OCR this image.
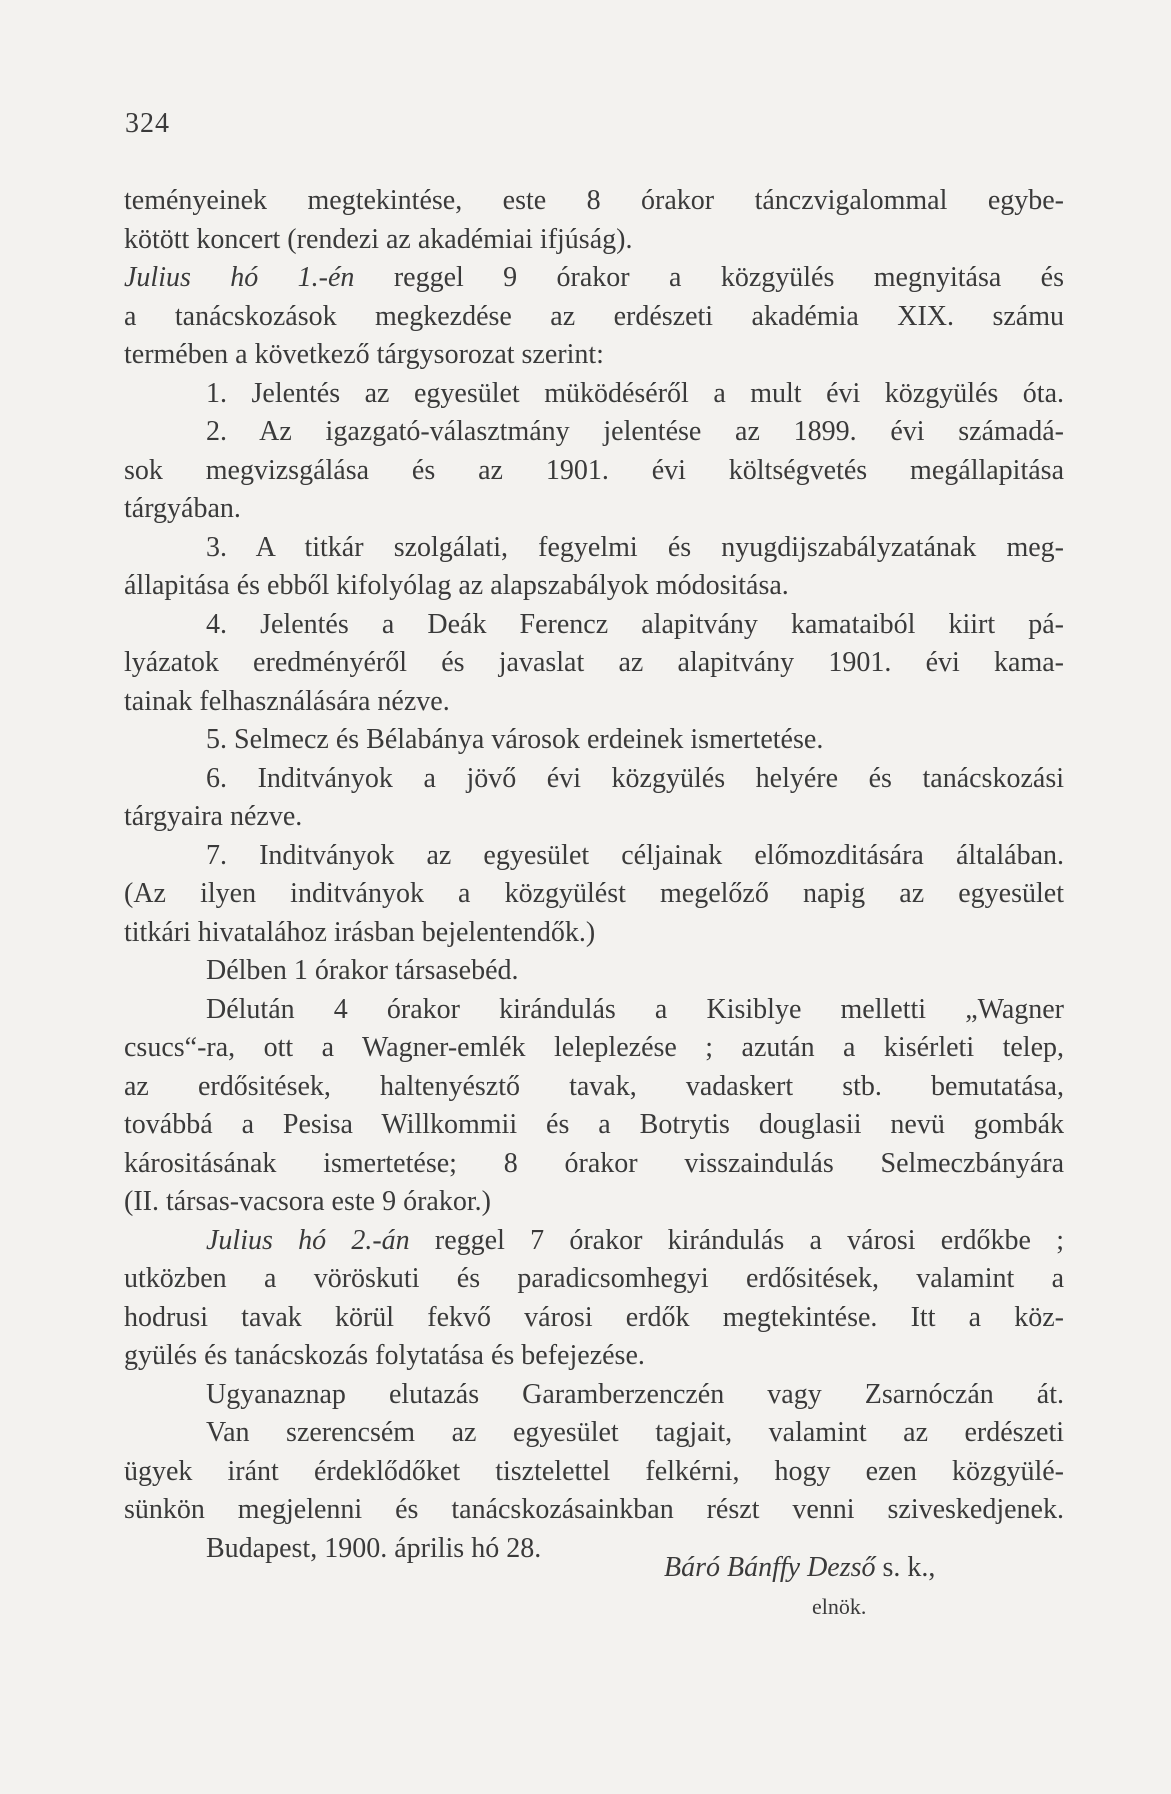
324
teményeinek megtekintése, este 8 órakor tánczvigalommal egybe-
kötött koncert (rendezi az akadémiai ifjúság).
Julius hó 1.-én reggel 9 órakor a közgyülés megnyitása és
a tanácskozások megkezdése az erdészeti akadémia XIX. számu
termében a következő tárgysorozat szerint:
1. Jelentés az egyesület müködéséről a mult évi közgyülés óta.
2. Az igazgató-választmány jelentése az 1899. évi számadá-
sok megvizsgálása és az 1901. évi költségvetés megállapitása
tárgyában.
3. A titkár szolgálati, fegyelmi és nyugdijszabályzatának meg-
állapitása és ebből kifolyólag az alapszabályok módositása.
4. Jelentés a Deák Ferencz alapitvány kamataiból kiirt pá-
lyázatok eredményéről és javaslat az alapitvány 1901. évi kama-
tainak felhasználására nézve.
5. Selmecz és Bélabánya városok erdeinek ismertetése.
6. Inditványok a jövő évi közgyülés helyére és tanácskozási
tárgyaira nézve.
7. Inditványok az egyesület céljainak előmozditására általában.
(Az ilyen inditványok a közgyülést megelőző napig az egyesület
titkári hivatalához irásban bejelentendők.)
Délben 1 órakor társasebéd.
Délután 4 órakor kirándulás a Kisiblye melletti „Wagner
csucs“-ra, ott a Wagner-emlék leleplezése ; azután a kisérleti telep,
az erdősitések, haltenyésztő tavak, vadaskert stb. bemutatása,
továbbá a Pesisa Willkommii és a Botrytis douglasii nevü gombák
kárositásának ismertetése; 8 órakor visszaindulás Selmeczbányára
(II. társas-vacsora este 9 órakor.)
Julius hó 2.-án reggel 7 órakor kirándulás a városi erdőkbe ;
utközben a vöröskuti és paradicsomhegyi erdősitések, valamint a
hodrusi tavak körül fekvő városi erdők megtekintése. Itt a köz-
gyülés és tanácskozás folytatása és befejezése.
Ugyanaznap elutazás Garamberzenczén vagy Zsarnóczán át.
Van szerencsém az egyesület tagjait, valamint az erdészeti
ügyek iránt érdeklődőket tisztelettel felkérni, hogy ezen közgyülé-
sünkön megjelenni és tanácskozásainkban részt venni sziveskedjenek.
Budapest, 1900. április hó 28.
Báró Bánffy Dezső s. k.,
elnök.
